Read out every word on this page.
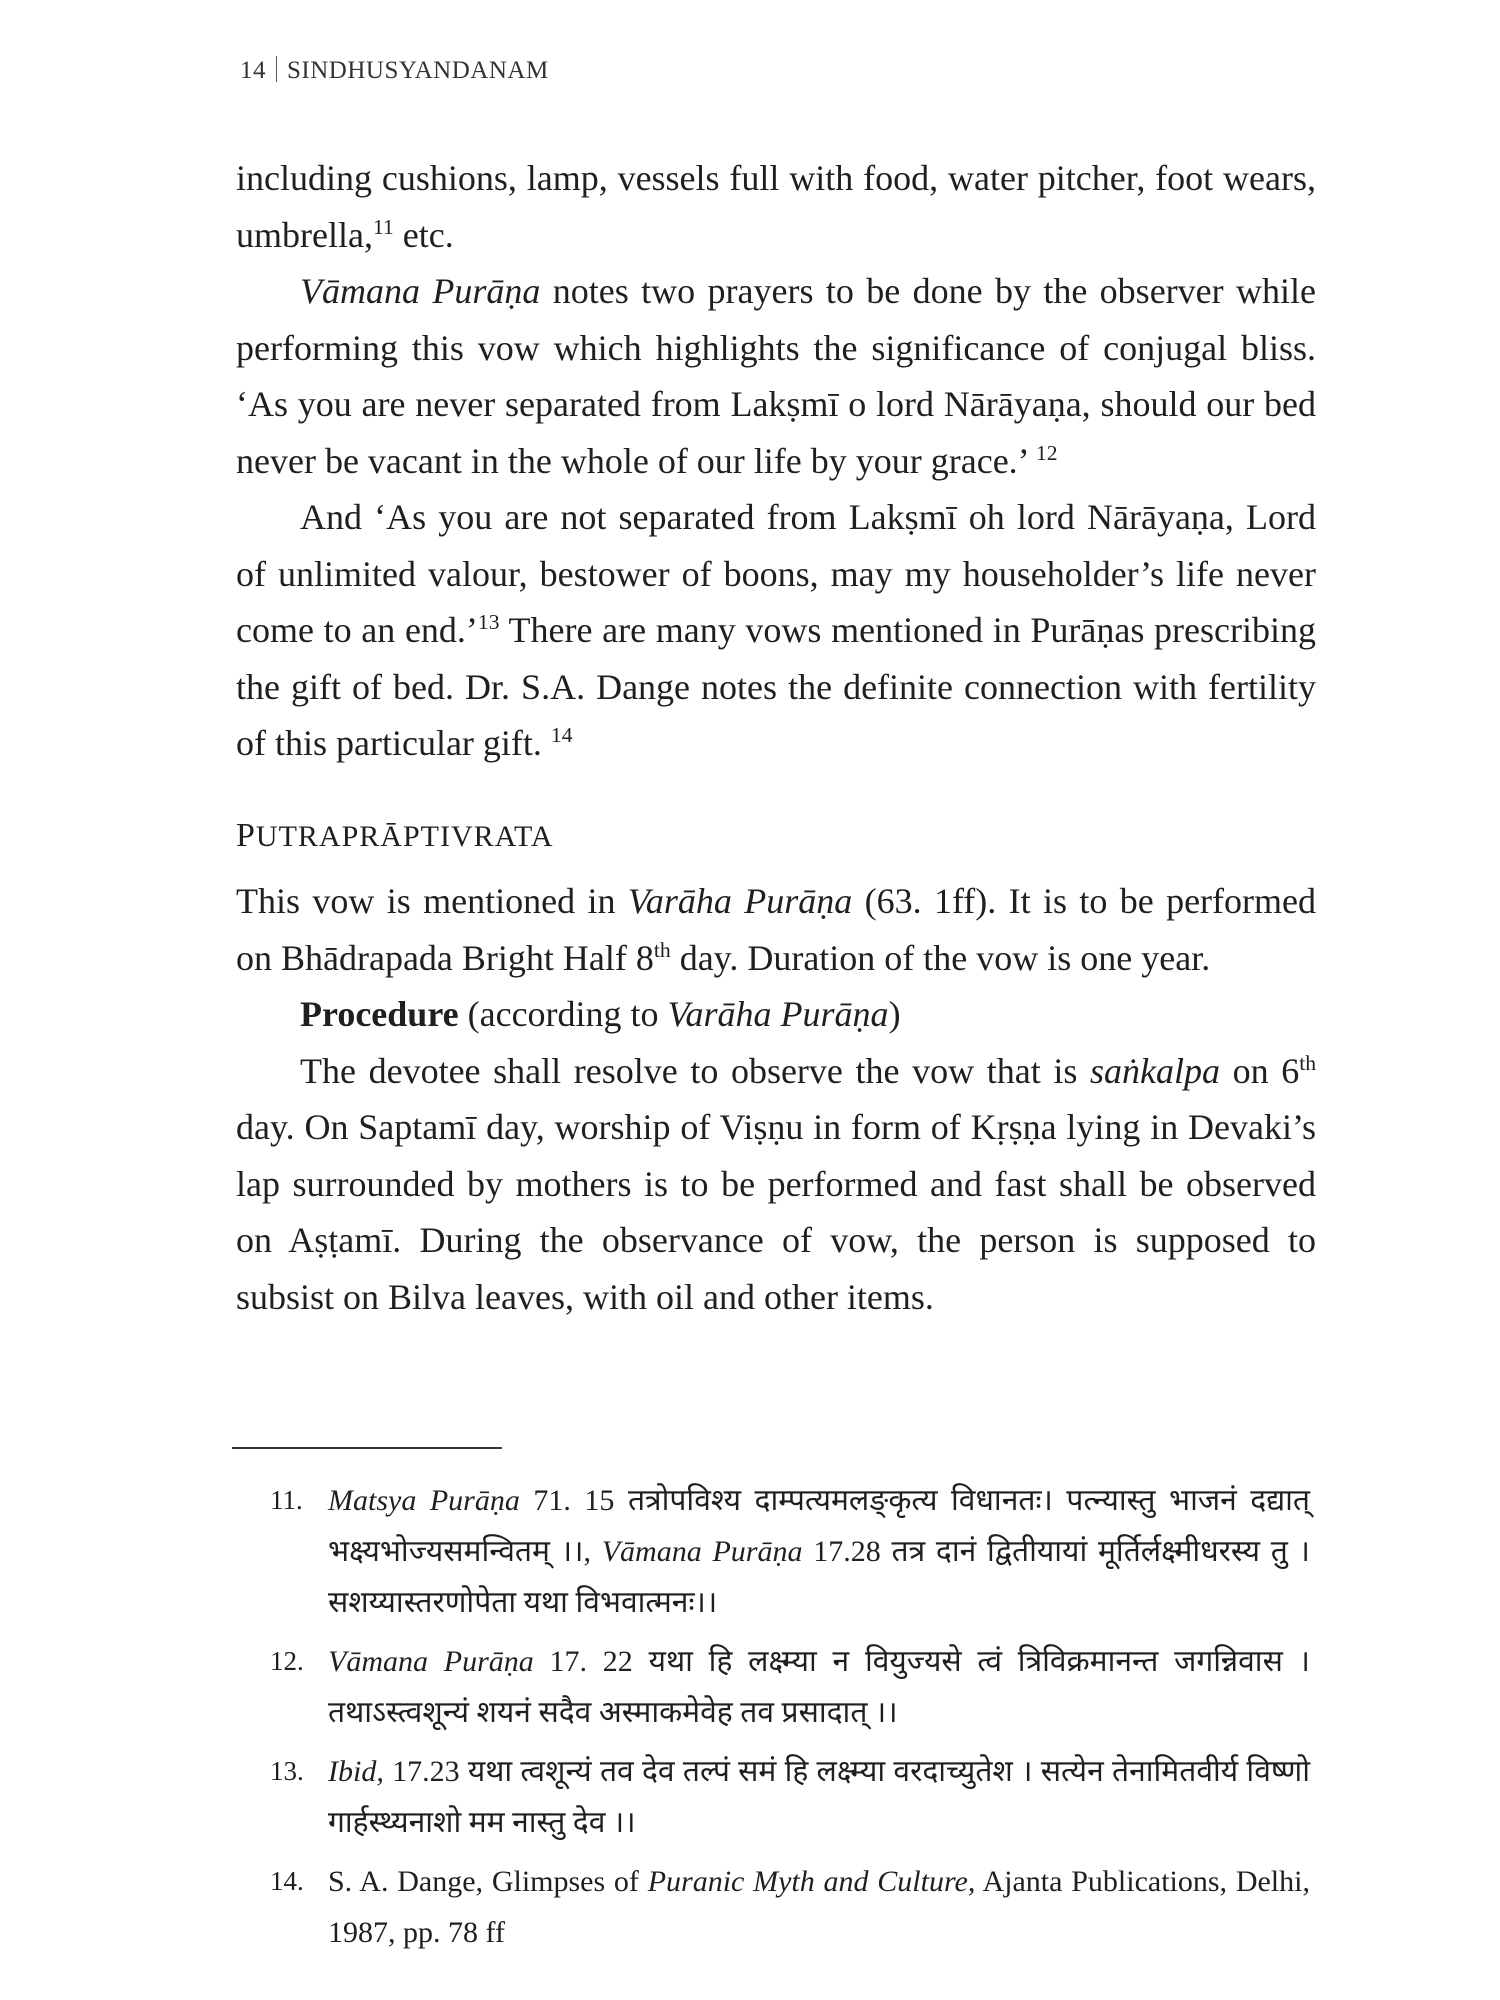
14 SINDHUSYANDANAM

including cushions, lamp, vessels full with food, water pitcher, foot wears, umbrella,$^{11}$ etc.

Vāmana Purāṇa notes two prayers to be done by the observer while performing this vow which highlights the significance of conjugal bliss. ‘As you are never separated from Lakṣmī o lord Nārāyaṇa, should our bed never be vacant in the whole of our life by your grace.’ $^{12}$

And ‘As you are not separated from Lakṣmī oh lord Nārāyaṇa, Lord of unlimited valour, bestower of boons, may my householder’s life never come to an end.’$^{13}$ There are many vows mentioned in Purāṇas prescribing the gift of bed. Dr. S.A. Dange notes the definite connection with fertility of this particular gift. $^{14}$

PUTRAPRĀPTIVRATA

This vow is mentioned in Varāha Purāṇa (63. 1ff). It is to be performed on Bhādrapada Bright Half 8th day. Duration of the vow is one year.

Procedure (according to Varāha Purāṇa)

The devotee shall resolve to observe the vow that is saṅkalpa on 6th day. On Saptamī day, worship of Viṣṇu in form of Kṛṣṇa lying in Devaki’s lap surrounded by mothers is to be performed and fast shall be observed on Aṣṭamī. During the observance of vow, the person is supposed to subsist on Bilva leaves, with oil and other items.

11. Matsya Purāṇa 71. 15 तत्रोपविश्य दाम्पत्यमलङ्कृत्य विधानतः। पत्न्यास्तु भाजनं दद्यात् भक्ष्यभोज्यसमन्वितम् ।।, Vāmana Purāṇa 17.28 तत्र दानं द्वितीयायां मूर्तिर्लक्ष्मीधरस्य तु । सशय्यास्तरणोपेता यथा विभवात्मनः।।
12. Vāmana Purāṇa 17. 22 यथा हि लक्ष्म्या न वियुज्यसे त्वं त्रिविक्रमानन्त जगन्निवास । तथाऽस्त्वशून्यं शयनं सदैव अस्माकमेवेह तव प्रसादात् ।।
13. Ibid, 17.23 यथा त्वशून्यं तव देव तल्पं समं हि लक्ष्म्या वरदाच्युतेश । सत्येन तेनामितवीर्य विष्णो गार्हस्थ्यनाशो मम नास्तु देव ।।
14. S. A. Dange, Glimpses of Puranic Myth and Culture, Ajanta Publications, Delhi, 1987, pp. 78 ff
